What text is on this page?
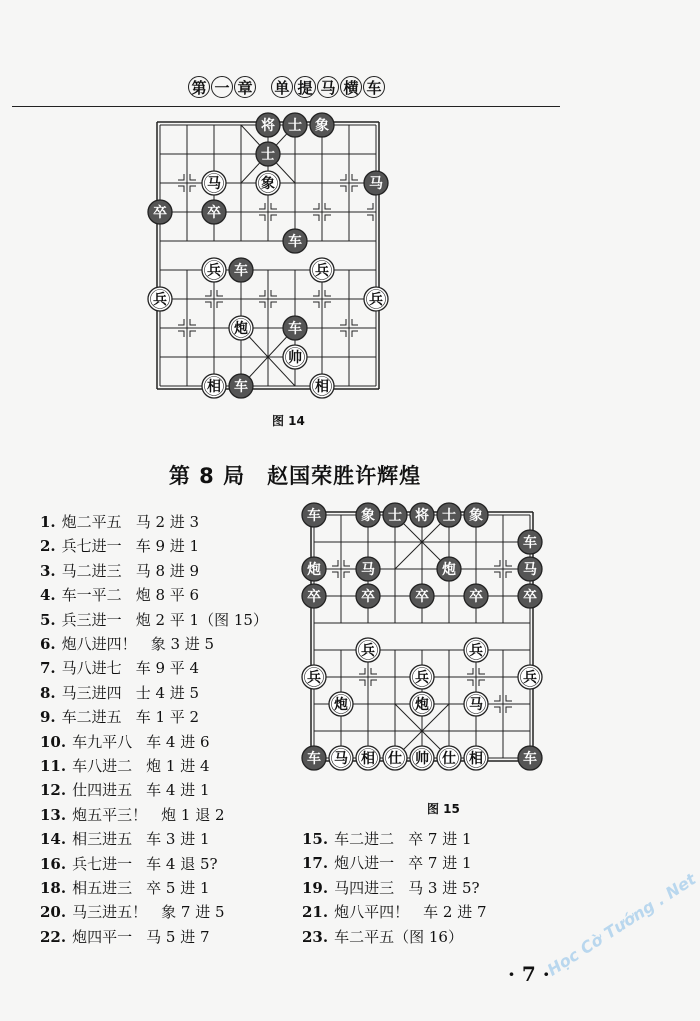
第 一 章 单 提 马 横 车
将 士 象
士
马	象	马
卒	卒
车
兵 车	兵
兵	兵
炮	车
帅
相 车	相
图 14
第 8 局　赵国荣胜许辉煌
1. 炮二平五 马 2 进 3
2. 兵七进一 车 9 进 1
3. 马二进三 马 8 进 9
4. 车一平二 炮 8 平 6
5. 兵三进一 炮 2 平 1（图 15）
6. 炮八进四！ 象 3 进 5
7. 马八进七 车 9 平 4
8. 马三进四 士 4 进 5
9. 车二进五 车 1 平 2
10. 车九平八 车 4 进 6
11. 车八进二 炮 1 进 4
12. 仕四进五 车 4 进 1
13. 炮五平三！ 炮 1 退 2
14. 相三进五 车 3 进 1
16. 兵七进一 车 4 退 5?
18. 相五进三 卒 5 进 1
20. 马三进五！ 象 7 进 5
22. 炮四平一 马 5 进 7
15. 车二进二 卒 7 进 1
17. 炮八进一 卒 7 进 1
19. 马四进三 马 3 进 5?
21. 炮八平四！ 车 2 进 7
23. 车二平五（图 16）
车	象 士 将 士 象
车
炮	马	炮	马
卒	卒	卒	卒	卒
兵	兵
兵	兵	兵
炮	炮	马
车 马 相 仕 帅 仕 相	车
图 15
· 7 ·
Học Cờ Tướng . Net
